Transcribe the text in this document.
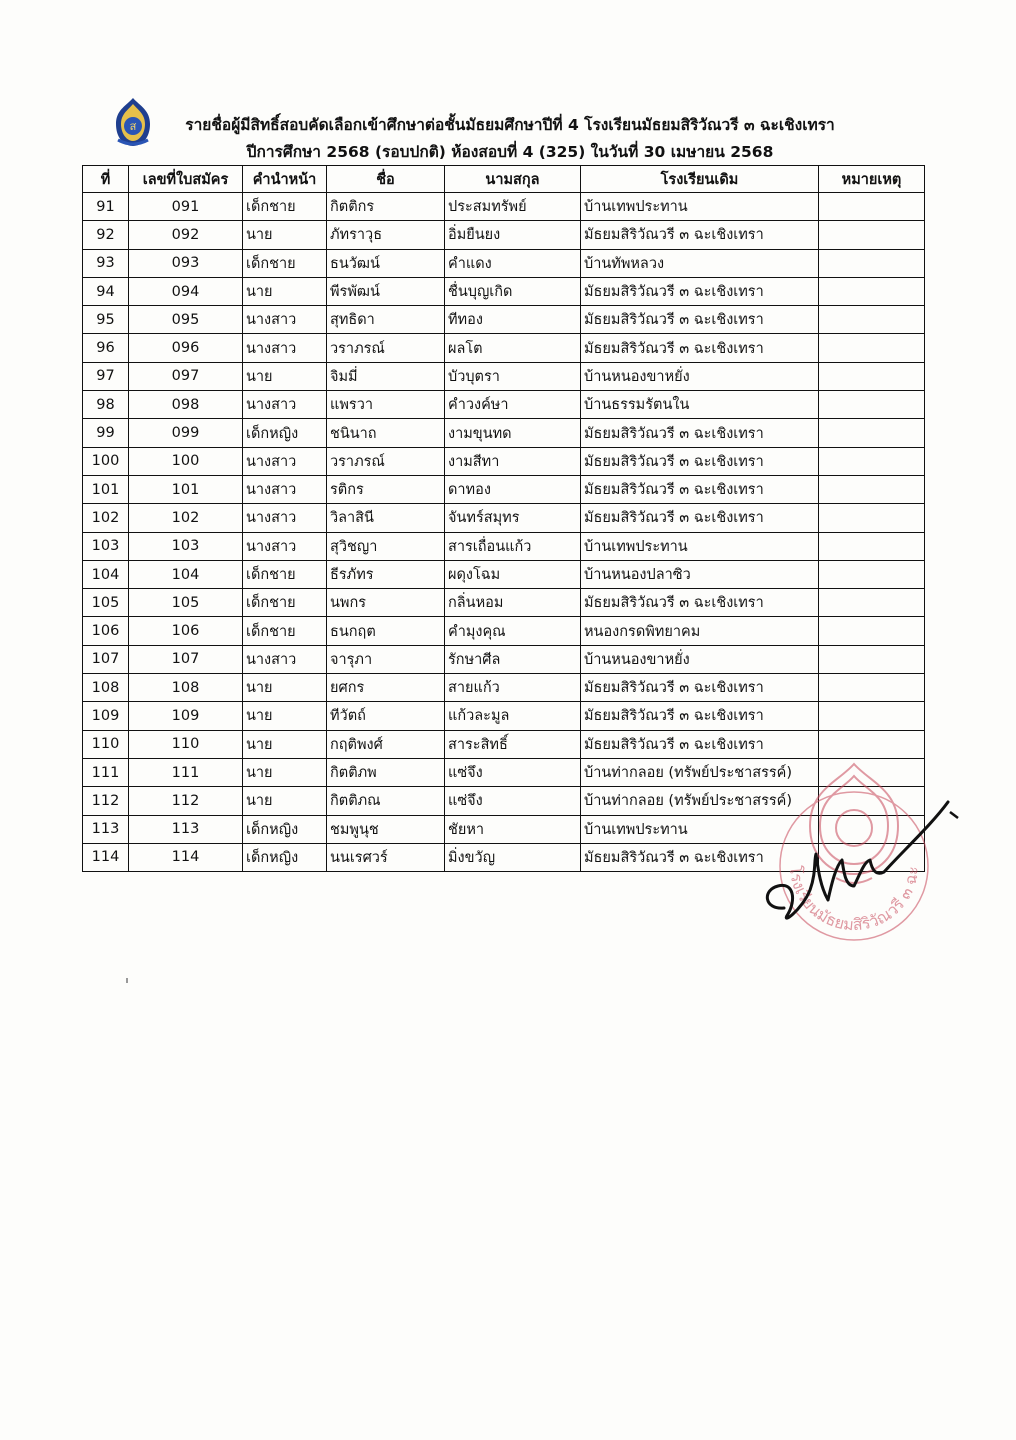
ส	รายชื่อผู้มีสิทธิ์สอบคัดเลือกเข้าศึกษาต่อชั้นมัธยมศึกษาปีที่ 4 โรงเรียนมัธยมสิริวัณวรี ๓ ฉะเชิงเทรา
ปีการศึกษา 2568 (รอบปกติ) ห้องสอบที่ 4 (325) ในวันที่ 30 เมษายน 2568
ที่	เลขที่ใบสมัคร	คำนำหน้า	ชื่อ	นามสกุล	โรงเรียนเดิม	หมายเหตุ
91	091	เด็กชาย	กิตติกร	ประสมทรัพย์	บ้านเทพประทาน	
92	092	นาย	ภัทราวุธ	อิ่มยืนยง	มัธยมสิริวัณวรี ๓ ฉะเชิงเทรา	
93	093	เด็กชาย	ธนวัฒน์	คำแดง	บ้านทัพหลวง	
94	094	นาย	พีรพัฒน์	ชื่นบุญเกิด	มัธยมสิริวัณวรี ๓ ฉะเชิงเทรา	
95	095	นางสาว	สุทธิดา	ทีทอง	มัธยมสิริวัณวรี ๓ ฉะเชิงเทรา	
96	096	นางสาว	วราภรณ์	ผลโต	มัธยมสิริวัณวรี ๓ ฉะเชิงเทรา	
97	097	นาย	จิมมี่	บัวบุตรา	บ้านหนองขาหยั่ง	
98	098	นางสาว	แพรวา	คำวงค์ษา	บ้านธรรมรัตนใน	
99	099	เด็กหญิง	ชนินาถ	งามขุนทด	มัธยมสิริวัณวรี ๓ ฉะเชิงเทรา	
100	100	นางสาว	วราภรณ์	งามสีทา	มัธยมสิริวัณวรี ๓ ฉะเชิงเทรา	
101	101	นางสาว	รติกร	ดาทอง	มัธยมสิริวัณวรี ๓ ฉะเชิงเทรา	
102	102	นางสาว	วิลาสินี	จันทร์สมุทร	มัธยมสิริวัณวรี ๓ ฉะเชิงเทรา	
103	103	นางสาว	สุวิชญา	สารเถื่อนแก้ว	บ้านเทพประทาน	
104	104	เด็กชาย	ธีรภัทร	ผดุงโฉม	บ้านหนองปลาซิว	
105	105	เด็กชาย	นพกร	กลิ่นหอม	มัธยมสิริวัณวรี ๓ ฉะเชิงเทรา	
106	106	เด็กชาย	ธนกฤต	คำมุงคุณ	หนองกรดพิทยาคม	
107	107	นางสาว	จารุภา	รักษาศีล	บ้านหนองขาหยั่ง	
108	108	นาย	ยศกร	สายแก้ว	มัธยมสิริวัณวรี ๓ ฉะเชิงเทรา	
109	109	นาย	ทีวัตถ์	แก้วละมูล	มัธยมสิริวัณวรี ๓ ฉะเชิงเทรา	
110	110	นาย	กฤติพงศ์	สาระสิทธิ์	มัธยมสิริวัณวรี ๓ ฉะเชิงเทรา	
111	111	นาย	กิตติภพ	แซ่จึง	บ้านท่ากลอย (ทรัพย์ประชาสรรค์)	
112	112	นาย	กิตติภณ	แซ่จึง	บ้านท่ากลอย (ทรัพย์ประชาสรรค์)	
113	113	เด็กหญิง	ชมพูนุช	ชัยหา	บ้านเทพประทาน	
114	114	เด็กหญิง	นนเรศวร์	มิ่งขวัญ	มัธยมสิริวัณวรี ๓ ฉะเชิงเทรา	
โรงเรียนมัธยมสิริวัณวรี ๓ ฉะ
